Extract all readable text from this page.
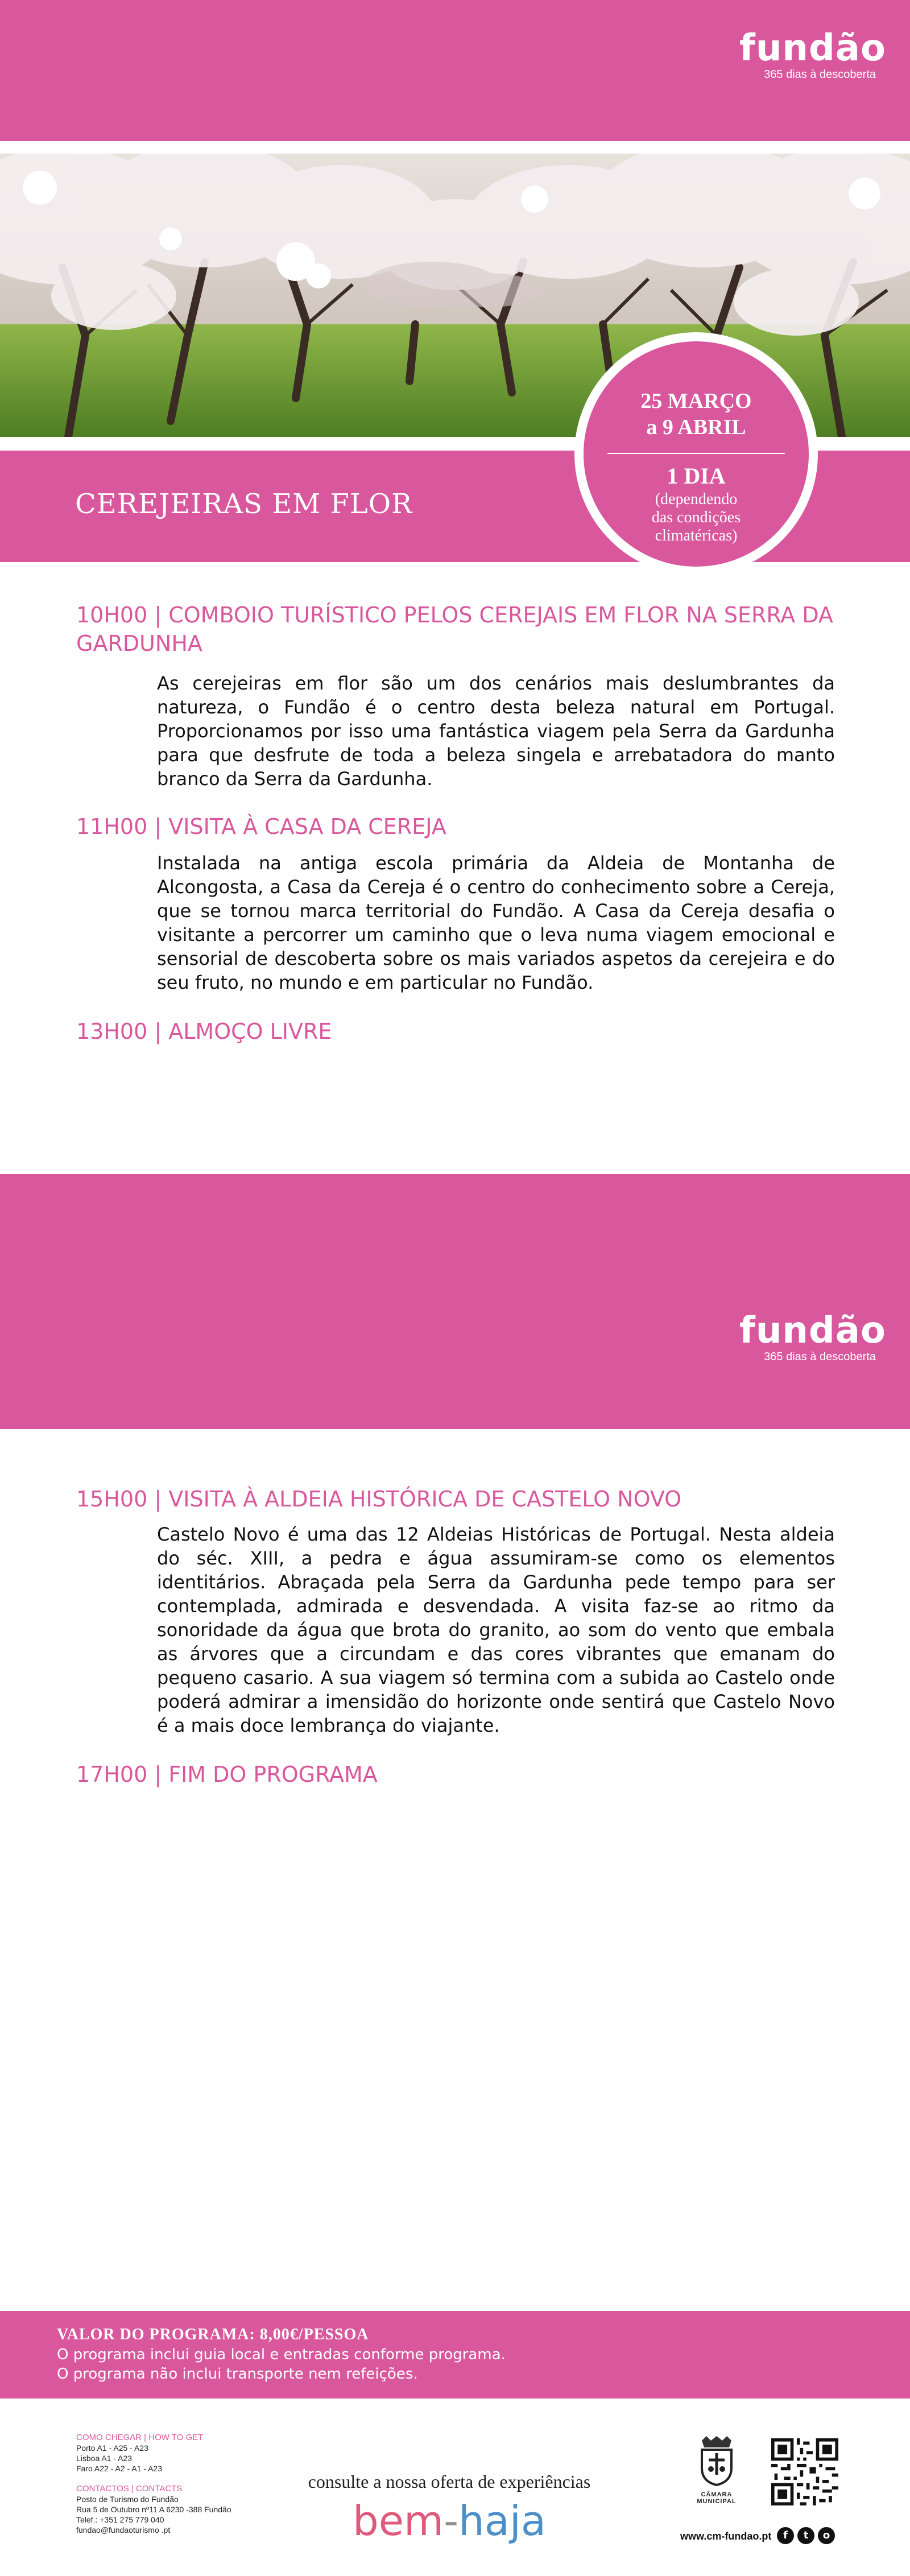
fundão
365 dias à descoberta
CEREJEIRAS EM FLOR
25 MARÇO
a 9 ABRIL
1 DIA
(dependendo
das condições
climatéricas)
10H00 | COMBOIO TURÍSTICO PELOS CEREJAIS EM FLOR NA SERRA DA GARDUNHA
As cerejeiras em flor são um dos cenários mais deslumbrantes da natureza, o Fundão é o centro desta beleza natural em Portugal. Proporcionamos por isso uma fantástica viagem pela Serra da Gardunha para que desfrute de toda a beleza singela e arrebatadora do manto branco da Serra da Gardunha.
11H00 | VISITA À CASA DA CEREJA
Instalada na antiga escola primária da Aldeia de Montanha de Alcongosta, a Casa da Cereja é o centro do conhecimento sobre a Cereja, que se tornou marca territorial do Fundão. A Casa da Cereja desafia o visitante a percorrer um caminho que o leva numa viagem emocional e sensorial de descoberta sobre os mais variados aspetos da cerejeira e do seu fruto, no mundo e em particular no Fundão.
13H00 | ALMOÇO LIVRE
fundão
365 dias à descoberta
15H00 | VISITA À ALDEIA HISTÓRICA DE CASTELO NOVO
Castelo Novo é uma das 12 Aldeias Históricas de Portugal. Nesta aldeia do séc. XIII, a pedra e água assumiram-se como os elementos identitários. Abraçada pela Serra da Gardunha pede tempo para ser contemplada, admirada e desvendada. A visita faz-se ao ritmo da sonoridade da água que brota do granito, ao som do vento que embala as árvores que a circundam e das cores vibrantes que emanam do pequeno casario. A sua viagem só termina com a subida ao Castelo onde poderá admirar a imensidão do horizonte onde sentirá que Castelo Novo é a mais doce lembrança do viajante.
17H00 | FIM DO PROGRAMA
VALOR DO PROGRAMA: 8,00€/PESSOA
O programa inclui guia local e entradas conforme programa.
O programa não inclui transporte nem refeições.
COMO CHEGAR | HOW TO GET
Porto A1 - A25 - A23
Lisboa A1 - A23
Faro A22 - A2 - A1 - A23
CONTACTOS | CONTACTS
Posto de Turismo do Fundão
Rua 5 de Outubro nº11 A 6230 -388 Fundão
Telef.: +351 275 779 040
fundao@fundaoturismo .pt
consulte a nossa oferta de experiências
bem-haja
CÂMARA MUNICIPAL
www.cm-fundao.pt	f	t	o
